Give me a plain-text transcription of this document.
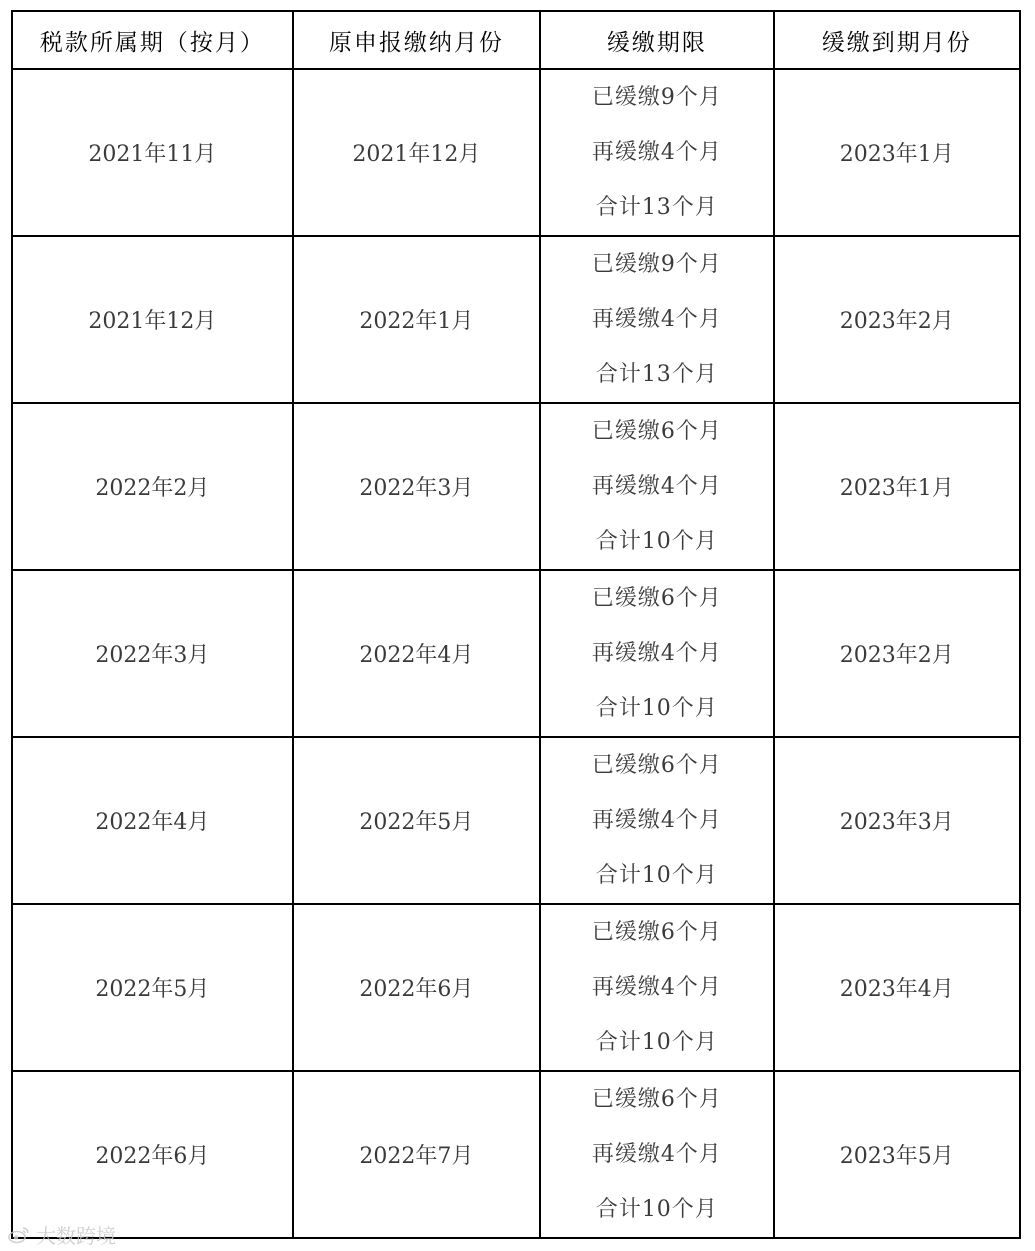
税款所属期（按月）	原申报缴纳月份	缓缴期限	缓缴到期月份
2021年11月	2021年12月	已缓缴9个月
再缓缴4个月
合计13个月	2023年1月
2021年12月	2022年1月	已缓缴9个月
再缓缴4个月
合计13个月	2023年2月
2022年2月	2022年3月	已缓缴6个月
再缓缴4个月
合计10个月	2023年1月
2022年3月	2022年4月	已缓缴6个月
再缓缴4个月
合计10个月	2023年2月
2022年4月	2022年5月	已缓缴6个月
再缓缴4个月
合计10个月	2023年3月
2022年5月	2022年6月	已缓缴6个月
再缓缴4个月
合计10个月	2023年4月
2022年6月	2022年7月	已缓缴6个月
再缓缴4个月
合计10个月	2023年5月
大数跨境
